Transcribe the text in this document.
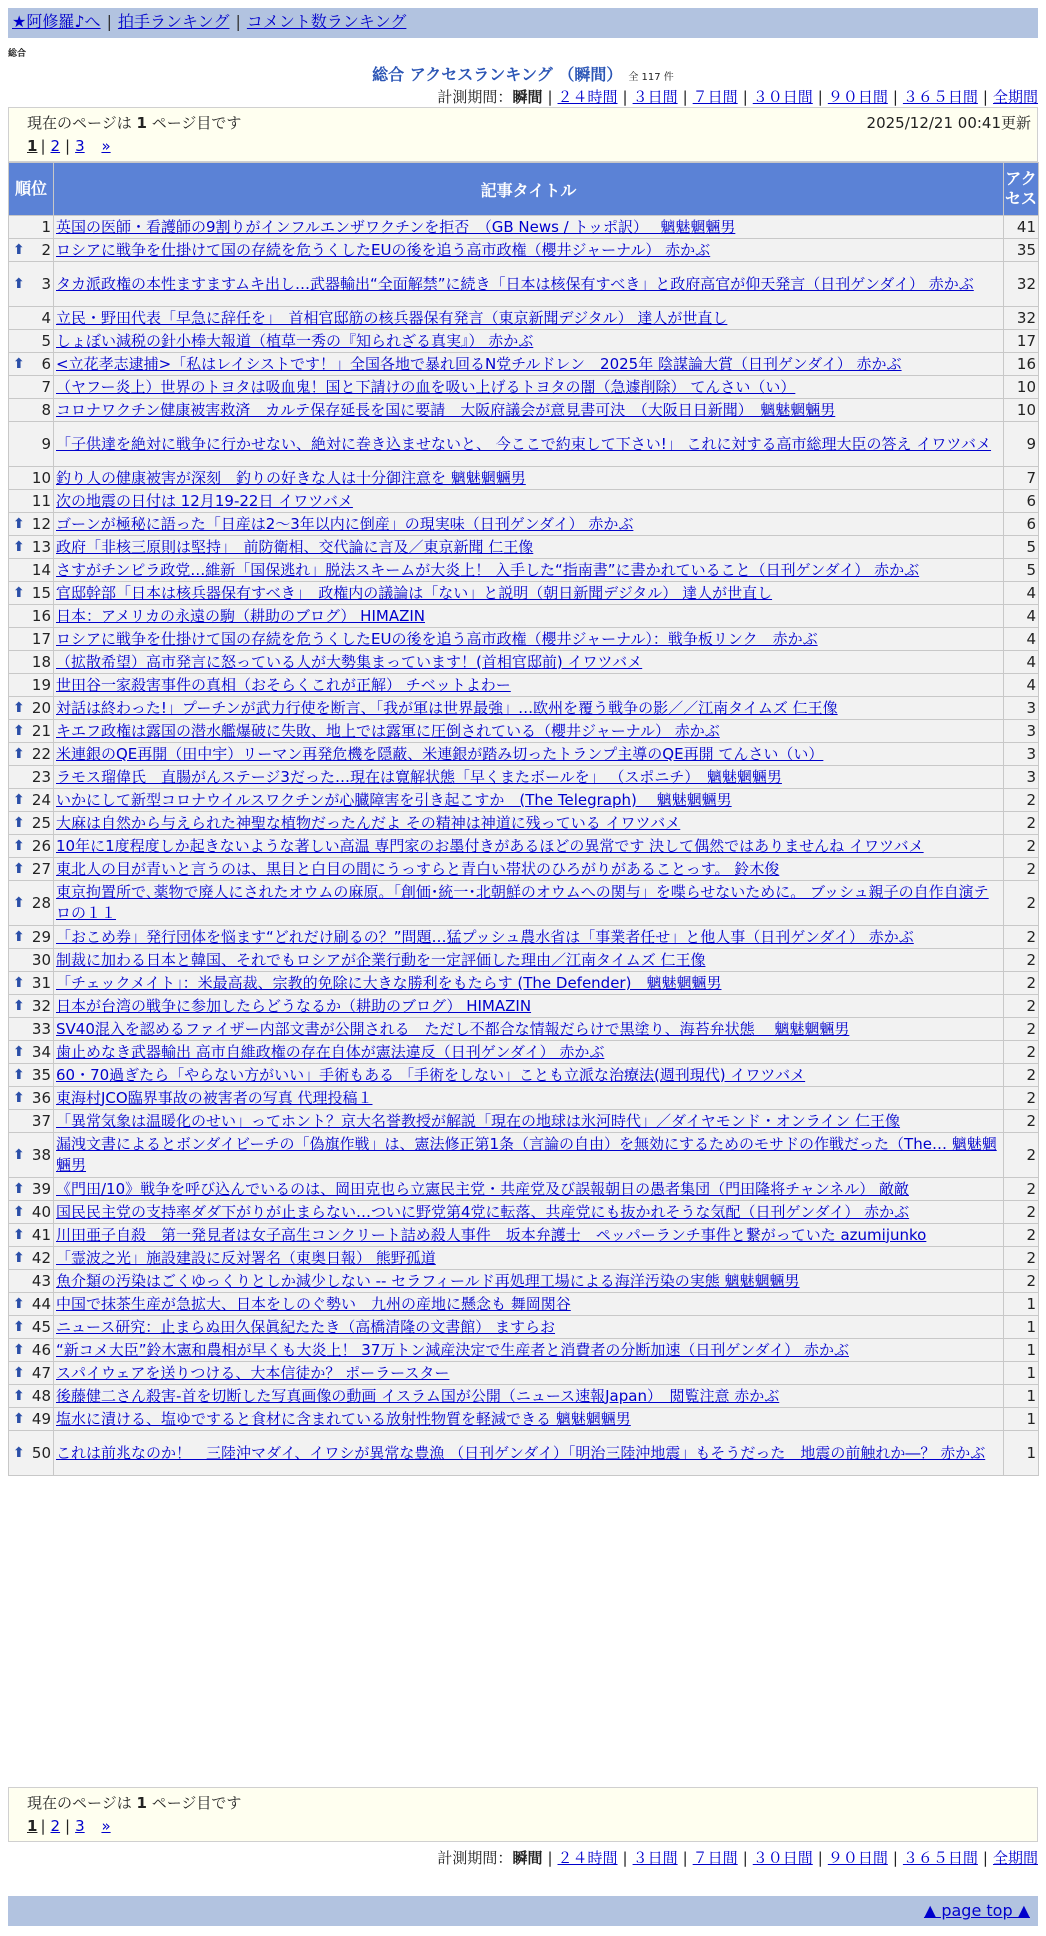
★阿修羅♪へ | 拍手ランキング | コメント数ランキング
総合
総合 アクセスランキング （瞬間） 全 117 件
計測期間：瞬間 | ２４時間 | ３日間 | ７日間 | ３０日間 | ９０日間 | ３６５日間 | 全期間
現在のページは 1 ページ目です	2025/12/21 00:41更新
1 | 2 | 3 »
順位	記事タイトル	アクセス
1	英国の医師・看護師の9割りがインフルエンザワクチンを拒否　（GB News / トッポ訳）　 魑魅魍魎男	41

⬆ 2	ロシアに戦争を仕掛けて国の存続を危うくしたEUの後を追う高市政権（櫻井ジャーナル） 赤かぶ	35

⬆ 3	タカ派政権の本性ますますムキ出し…武器輸出“全面解禁”に続き「日本は核保有すべき」と政府高官が仰天発言（日刊ゲンダイ） 赤かぶ	32
4	立民・野田代表「早急に辞任を」　首相官邸筋の核兵器保有発言（東京新聞デジタル） 達人が世直し	32
5	しょぼい減税の針小棒大報道（植草一秀の『知られざる真実』） 赤かぶ	17

⬆ 6	<立花孝志逮捕>「私はレイシストです！」全国各地で暴れ回るN党チルドレン　2025年 陰謀論大賞（日刊ゲンダイ） 赤かぶ	16
7	（ヤフー炎上）世界のトヨタは吸血鬼！国と下請けの血を吸い上げるトヨタの闇（急遽削除） てんさい（い）	10
8	コロナワクチン健康被害救済　カルテ保存延長を国に要請　大阪府議会が意見書可決　（大阪日日新聞）　魑魅魍魎男	10
9	「子供達を絶対に戦争に行かせない、絶対に巻き込ませないと、 今ここで約束して下さい!」 これに対する高市総理大臣の答え イワツバメ	9
10	釣り人の健康被害が深刻　釣りの好きな人は十分御注意を 魑魅魍魎男	7
11	次の地震の日付は 12月19-22日 イワツバメ	6

⬆ 12	ゴーンが極秘に語った「日産は2～3年以内に倒産」の現実味（日刊ゲンダイ） 赤かぶ	6

⬆ 13	政府「非核三原則は堅持」　前防衛相、交代論に言及／東京新聞 仁王像	5
14	さすがチンピラ政党…維新「国保逃れ」脱法スキームが大炎上！ 入手した“指南書”に書かれていること（日刊ゲンダイ） 赤かぶ	5

⬆ 15	官邸幹部「日本は核兵器保有すべき」　政権内の議論は「ない」と説明（朝日新聞デジタル） 達人が世直し	4
16	日本：アメリカの永遠の駒（耕助のブログ） HIMAZIN	4
17	ロシアに戦争を仕掛けて国の存続を危うくしたEUの後を追う高市政権（櫻井ジャーナル）：戦争板リンク　赤かぶ	4
18	（拡散希望）高市発言に怒っている人が大勢集まっています！(首相官邸前) イワツバメ	4
19	世田谷一家殺害事件の真相（おそらくこれが正解） チベットよわー	4

⬆ 20	対話は終わった!」プーチンが武力行使を断言、「我が軍は世界最強」…欧州を覆う戦争の影／／江南タイムズ 仁王像	3

⬆ 21	キエフ政権は露国の潜水艦爆破に失敗、地上では露軍に圧倒されている（櫻井ジャーナル） 赤かぶ	3

⬆ 22	米連銀のQE再開（田中宇）リーマン再発危機を隠蔽、米連銀が踏み切ったトランプ主導のQE再開 てんさい（い）	3
23	ラモス瑠偉氏　直腸がんステージ3だった…現在は寛解状態「早くまたボールを」 （スポニチ）　魑魅魍魎男	3

⬆ 24	いかにして新型コロナウイルスワクチンが心臓障害を引き起こすか　(The Telegraph)　 魑魅魍魎男	2

⬆ 25	大麻は自然から与えられた神聖な植物だったんだよ その精神は神道に残っている イワツバメ	2

⬆ 26	10年に1度程度しか起きないような著しい高温 専門家のお墨付きがあるほどの異常です 決して偶然ではありませんね イワツバメ	2

⬆ 27	東北人の目が青いと言うのは、黒目と白目の間にうっすらと青白い帯状のひろがりがあることっす。 鈴木俊	2

⬆ 28	東京拘置所で､薬物で廃人にされたオウムの麻原。「創価･統一･北朝鮮のオウムへの関与」を喋らせないために。 ブッシュ親子の自作自演テロの１１	2

⬆ 29	「おこめ券」発行団体を悩ます“どれだけ刷るの？”問題…猛プッシュ農水省は「事業者任せ」と他人事（日刊ゲンダイ） 赤かぶ	2
30	制裁に加わる日本と韓国、それでもロシアが企業行動を一定評価した理由／江南タイムズ 仁王像	2

⬆ 31	「チェックメイト」：米最高裁、宗教的免除に大きな勝利をもたらす (The Defender)　魑魅魍魎男	2

⬆ 32	日本が台湾の戦争に参加したらどうなるか（耕助のブログ） HIMAZIN	2
33	SV40混入を認めるファイザー内部文書が公開される　ただし不都合な情報だらけで黒塗り、海苔弁状態　 魑魅魍魎男	2

⬆ 34	歯止めなき武器輸出 高市自維政権の存在自体が憲法違反（日刊ゲンダイ） 赤かぶ	2

⬆ 35	60・70過ぎたら「やらない方がいい」手術もある 「手術をしない」ことも立派な治療法(週刊現代) イワツバメ	2

⬆ 36	東海村JCO臨界事故の被害者の写真 代理投稿１	2
37	「異常気象は温暖化のせい」ってホント？京大名誉教授が解説「現在の地球は氷河時代」／ダイヤモンド・オンライン 仁王像	2

⬆ 38	漏洩文書によるとボンダイビーチの「偽旗作戦」は、憲法修正第1条（言論の自由）を無効にするためのモサドの作戦だった（The… 魑魅魍魎男	2

⬆ 39	《門田/10》戦争を呼び込んでいるのは、岡田克也ら立憲民主党・共産党及び誤報朝日の愚者集団（門田隆将チャンネル） 敵敵	2

⬆ 40	国民民主党の支持率ダダ下がりが止まらない…ついに野党第4党に転落、共産党にも抜かれそうな気配（日刊ゲンダイ） 赤かぶ	2

⬆ 41	川田亜子自殺　第一発見者は女子高生コンクリート詰め殺人事件　坂本弁護士　ペッパーランチ事件と繋がっていた azumijunko	2

⬆ 42	「霊波之光」施設建設に反対署名（東奥日報） 熊野孤道	2
43	魚介類の汚染はごくゆっくりとしか減少しない -- セラフィールド再処理工場による海洋汚染の実態 魑魅魍魎男	2

⬆ 44	中国で抹茶生産が急拡大、日本をしのぐ勢い　九州の産地に懸念も 舞岡関谷	1

⬆ 45	ニュース研究：止まらぬ田久保眞紀たたき（高橋清隆の文書館） ますらお	1

⬆ 46	“新コメ大臣”鈴木憲和農相が早くも大炎上！ 37万トン減産決定で生産者と消費者の分断加速（日刊ゲンダイ） 赤かぶ	1

⬆ 47	スパイウェアを送りつける、大本信徒か？ ポーラースター	1

⬆ 48	後藤健二さん殺害-首を切断した写真画像の動画 イスラム国が公開（ニュース速報Japan）　閲覧注意 赤かぶ	1

⬆ 49	塩水に漬ける、塩ゆですると食材に含まれている放射性物質を軽減できる 魑魅魍魎男	1

⬆ 50	これは前兆なのか！　三陸沖マダイ、イワシが異常な豊漁 （日刊ゲンダイ）「明治三陸沖地震」もそうだった　地震の前触れか―？ 赤かぶ	1
現在のページは 1 ページ目です
1 | 2 | 3 »
計測期間：瞬間 | ２４時間 | ３日間 | ７日間 | ３０日間 | ９０日間 | ３６５日間 | 全期間
▲ page top ▲
